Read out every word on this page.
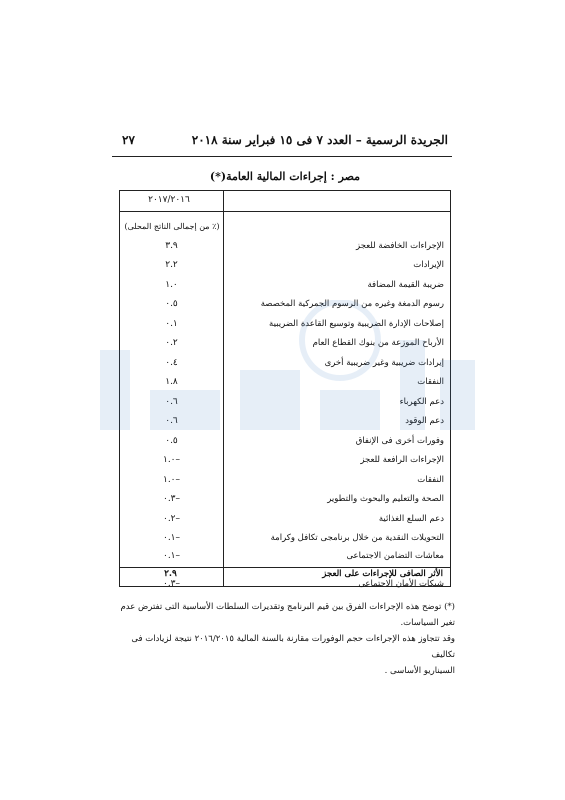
الجريدة الرسمية – العدد ٧ فى ١٥ فبراير سنة ٢٠١٨
٢٧
مصر : إجراءات المالية العامة(*)
٢٠١٧/٢٠١٦
(٪ من إجمالى الناتج المحلى)
الإجراءات الخافضة للعجز
٣.٩
الإيرادات
٢.٢
ضريبة القيمة المضافة
١.٠
رسوم الدمغة وغيره من الرسوم الجمركية المخصصة
٠.٥
إصلاحات الإدارة الضريبية وتوسيع القاعدة الضريبية
٠.١
الأرباح الموزعة من بنوك القطاع العام
٠.٢
إيرادات ضريبية وغير ضريبية أخرى
٠.٤
النفقات
١.٨
دعم الكهرباء
٠.٦
دعم الوقود
٠.٦
وفورات أخرى فى الإنفاق
٠.٥
الإجراءات الرافعة للعجز
١.٠–
النفقات
١.٠–
الصحة والتعليم والبحوث والتطوير
٠.٣–
دعم السلع الغذائية
٠.٢–
التحويلات النقدية من خلال برنامجى تكافل وكرامة
٠.١–
معاشات التضامن الاجتماعى
٠.١–
شبكات الأمان الاجتماعى
٠.٣–
الأثر الصافى للإجراءات على العجز
٢.٩

(*) توضح هذه الإجراءات الفرق بين قيم البرنامج وتقديرات السلطات الأساسية التى تفترض عدم تغير السياسات.

وقد تتجاوز هذه الإجراءات حجم الوفورات مقارنة بالسنة المالية ٢٠١٦/٢٠١٥ نتيجة لزيادات فى تكاليف

السيناريو الأساسى .
